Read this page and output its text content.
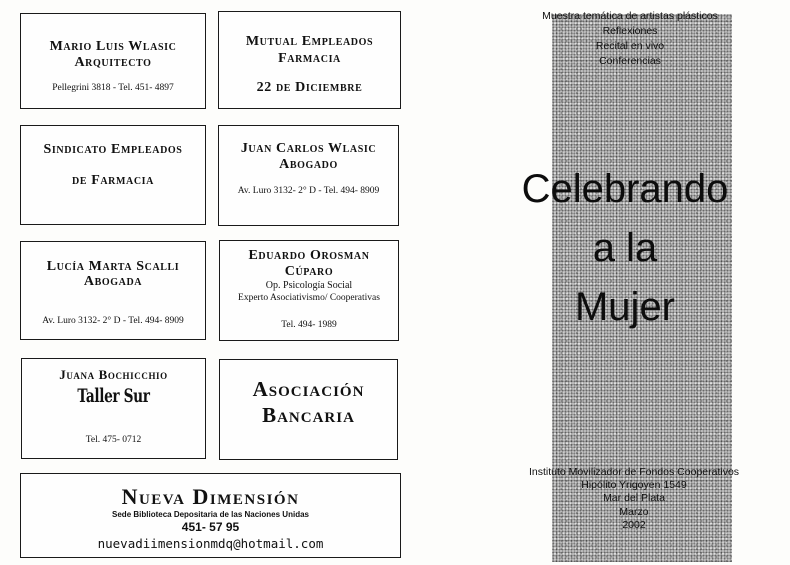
Mario Luis Wlasic
Arquitecto
Pellegrini 3818 - Tel. 451- 4897
Mutual Empleados
Farmacia
22 de Diciembre
Sindicato Empleados
de Farmacia
Juan Carlos Wlasic
Abogado
Av. Luro 3132- 2° D - Tel. 494- 8909
Lucía Marta Scalli
Abogada
Av. Luro 3132- 2° D - Tel. 494- 8909
Eduardo Orosman
Cúparo
Op. Psicología Social
Experto Asociativismo/ Cooperativas
Tel. 494- 1989
Juana Bochicchio
Taller Sur
Tel. 475- 0712
Asociación
Bancaria
Nueva Dimensión
Sede Biblioteca Depositaria de las Naciones Unidas
451- 57 95
nuevadiimensionmdq@hotmail.com
Muestra temática de artistas plásticos
Reflexiones
Recital en vivo
Conferencias
Celebrando
a la
Mujer
Instituto Movilizador de Fondos Cooperativos
Hipólito Yrigoyen 1549
Mar del Plata
Marzo
2002
